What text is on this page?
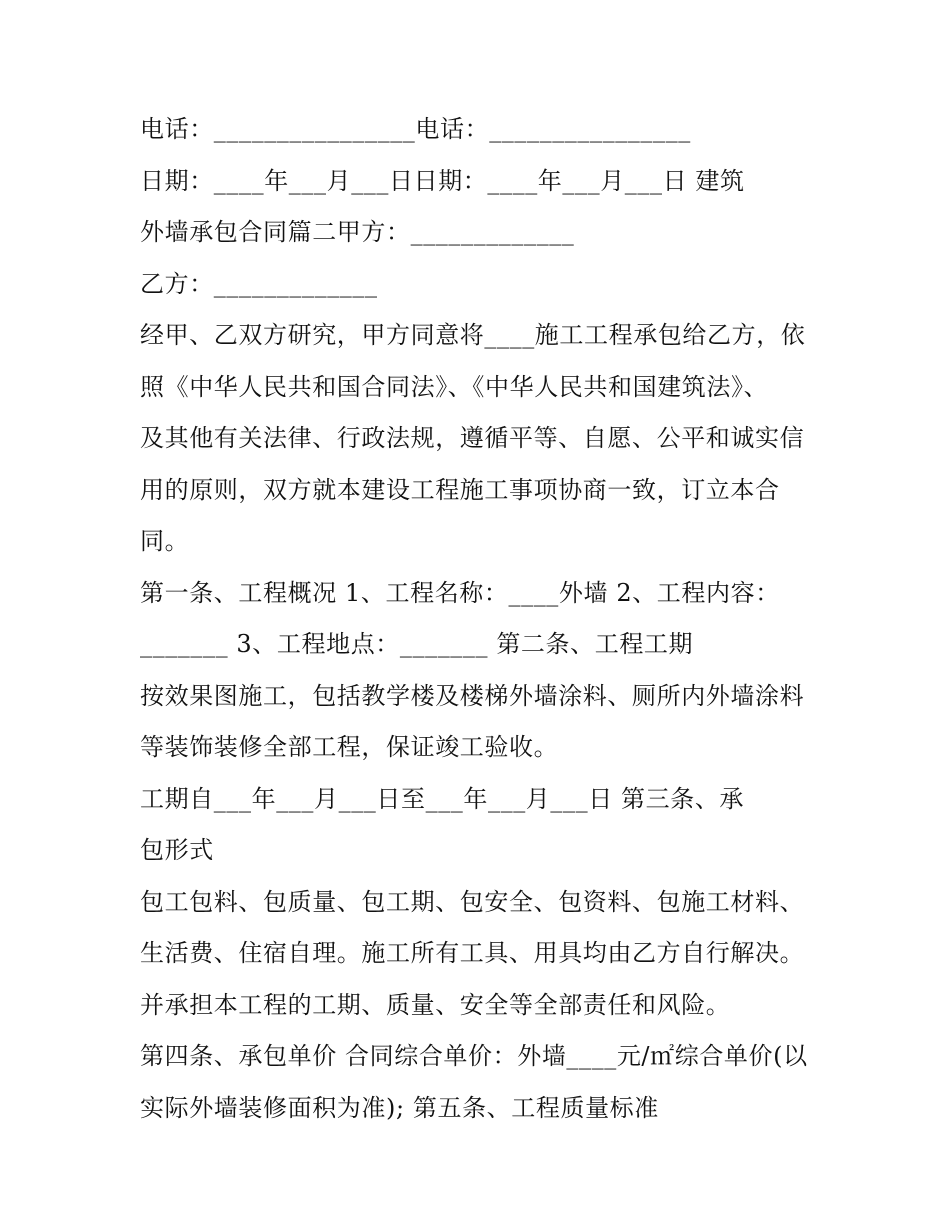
电话：________________电话：________________
日期：____年___月___日日期：____年___月___日 建筑
外墙承包合同篇二甲方：_____________
乙方：_____________
经甲、乙双方研究，甲方同意将____施工工程承包给乙方，依
照《中华人民共和国合同法》、《中华人民共和国建筑法》、
及其他有关法律、行政法规，遵循平等、自愿、公平和诚实信
用的原则，双方就本建设工程施工事项协商一致，订立本合
同。
第一条、工程概况 1、工程名称：____外墙 2、工程内容：
_______ 3、工程地点：_______ 第二条、工程工期
按效果图施工，包括教学楼及楼梯外墙涂料、厕所内外墙涂料
等装饰装修全部工程，保证竣工验收。
工期自___年___月___日至___年___月___日 第三条、承
包形式
包工包料、包质量、包工期、包安全、包资料、包施工材料、
生活费、住宿自理。施工所有工具、用具均由乙方自行解决。
并承担本工程的工期、质量、安全等全部责任和风险。
第四条、承包单价 合同综合单价：外墙____元/㎡综合单价(以
实际外墙装修面积为准); 第五条、工程质量标准
